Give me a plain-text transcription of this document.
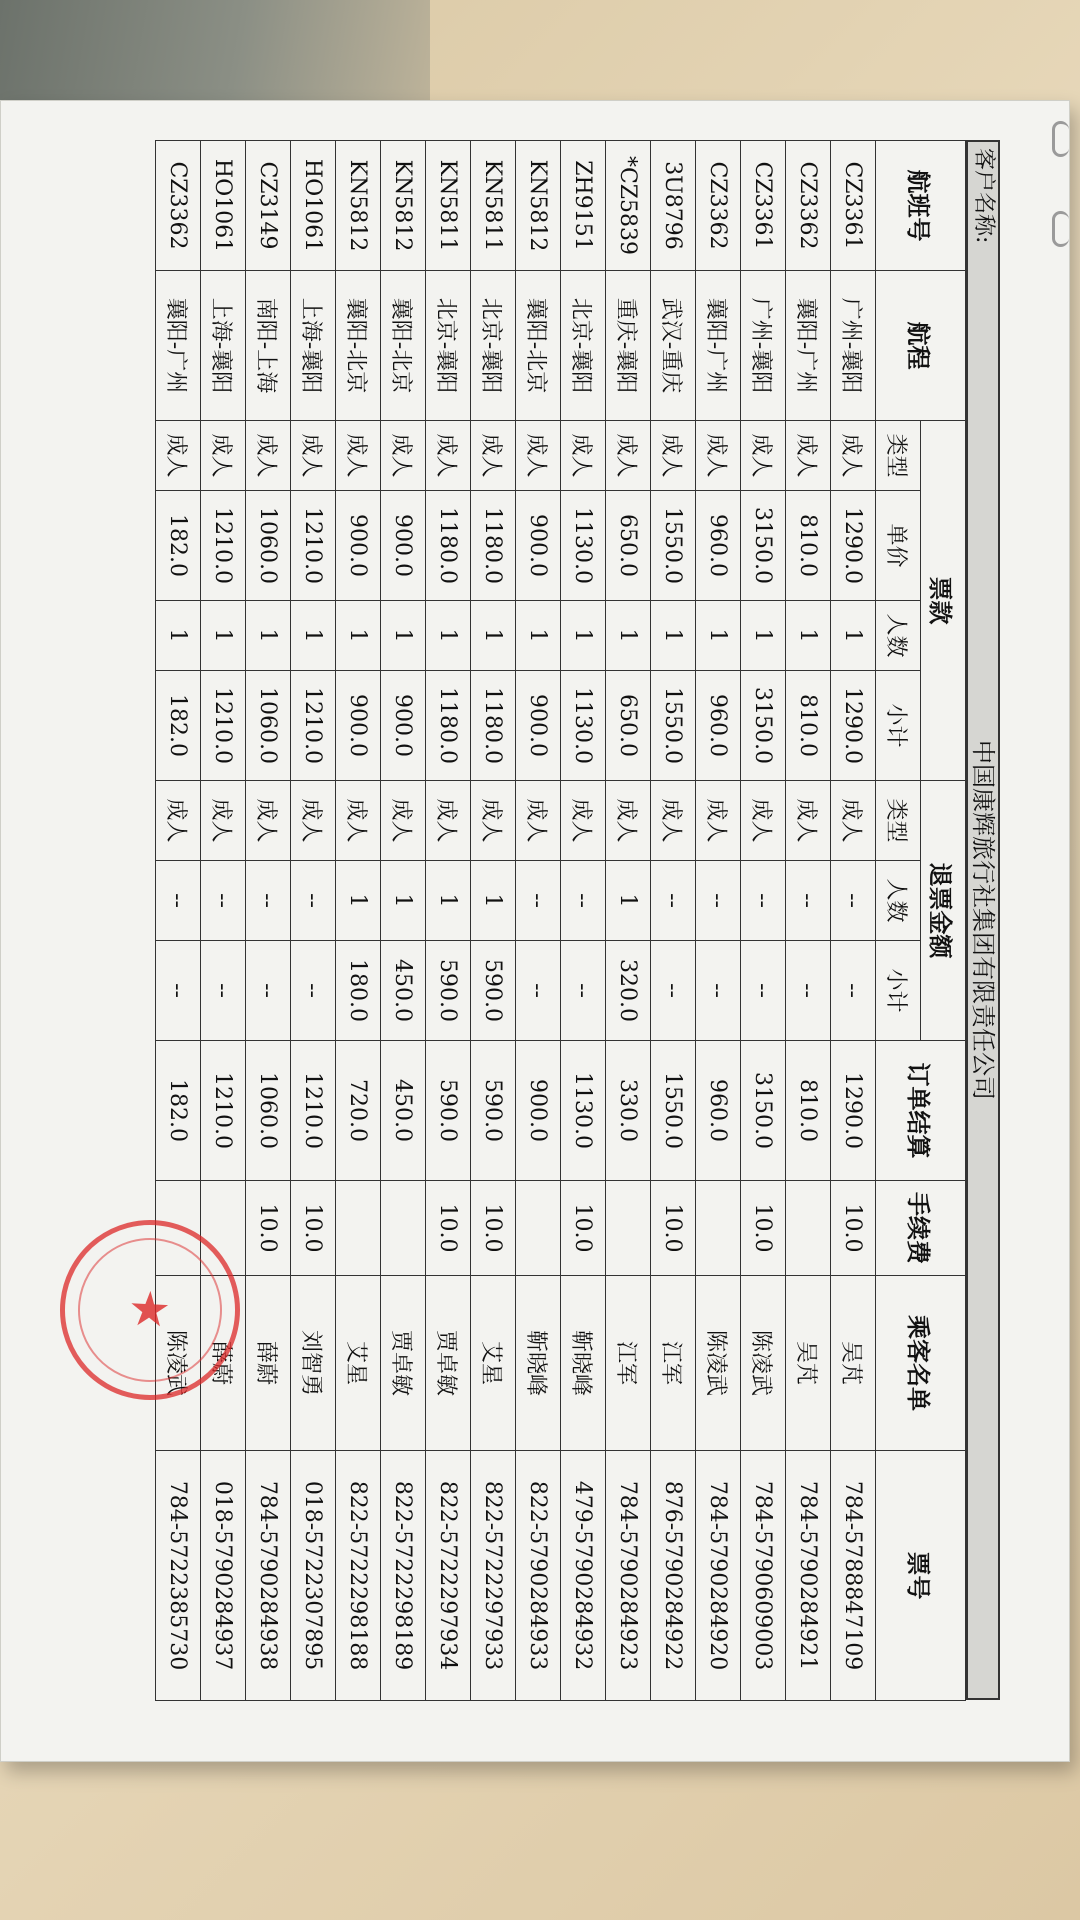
中国康辉旅行社集团有限责任公司
客户名称:
航班号	航程	票款				退票金额			订单结算	手续费	乘客名单	票号
		类型	单价	人数	小计	类型	人数	小计				
CZ3361	广州-襄阳	成人	1290.0	1	1290.0	成人	--	--	1290.0	10.0	吴芃	784-5788847109
CZ3362	襄阳-广州	成人	810.0	1	810.0	成人	--	--	810.0		吴芃	784-5790284921
CZ3361	广州-襄阳	成人	3150.0	1	3150.0	成人	--	--	3150.0	10.0	陈凌武	784-5790609003
CZ3362	襄阳-广州	成人	960.0	1	960.0	成人	--	--	960.0		陈凌武	784-5790284920
3U8796	武汉-重庆	成人	1550.0	1	1550.0	成人	--	--	1550.0	10.0	江军	876-5790284922
*CZ5839	重庆-襄阳	成人	650.0	1	650.0	成人	1	320.0	330.0		江军	784-5790284923
ZH9151	北京-襄阳	成人	1130.0	1	1130.0	成人	--	--	1130.0	10.0	靳晓峰	479-5790284932
KN5812	襄阳-北京	成人	900.0	1	900.0	成人	--	--	900.0		靳晓峰	822-5790284933
KN5811	北京-襄阳	成人	1180.0	1	1180.0	成人	1	590.0	590.0	10.0	艾星	822-5722297933
KN5811	北京-襄阳	成人	1180.0	1	1180.0	成人	1	590.0	590.0	10.0	贾卓敏	822-5722297934
KN5812	襄阳-北京	成人	900.0	1	900.0	成人	1	450.0	450.0		贾卓敏	822-5722298189
KN5812	襄阳-北京	成人	900.0	1	900.0	成人	1	180.0	720.0		艾星	822-5722298188
HO1061	上海-襄阳	成人	1210.0	1	1210.0	成人	--	--	1210.0	10.0	刘智勇	018-5722307895
CZ3149	南阳-上海	成人	1060.0	1	1060.0	成人	--	--	1060.0	10.0	薛蔚	784-5790284938
HO1061	上海-襄阳	成人	1210.0	1	1210.0	成人	--	--	1210.0		薛蔚	018-5790284937
CZ3362	襄阳-广州	成人	182.0	1	182.0	成人	--	--	182.0		陈凌武	784-5722385730
★
